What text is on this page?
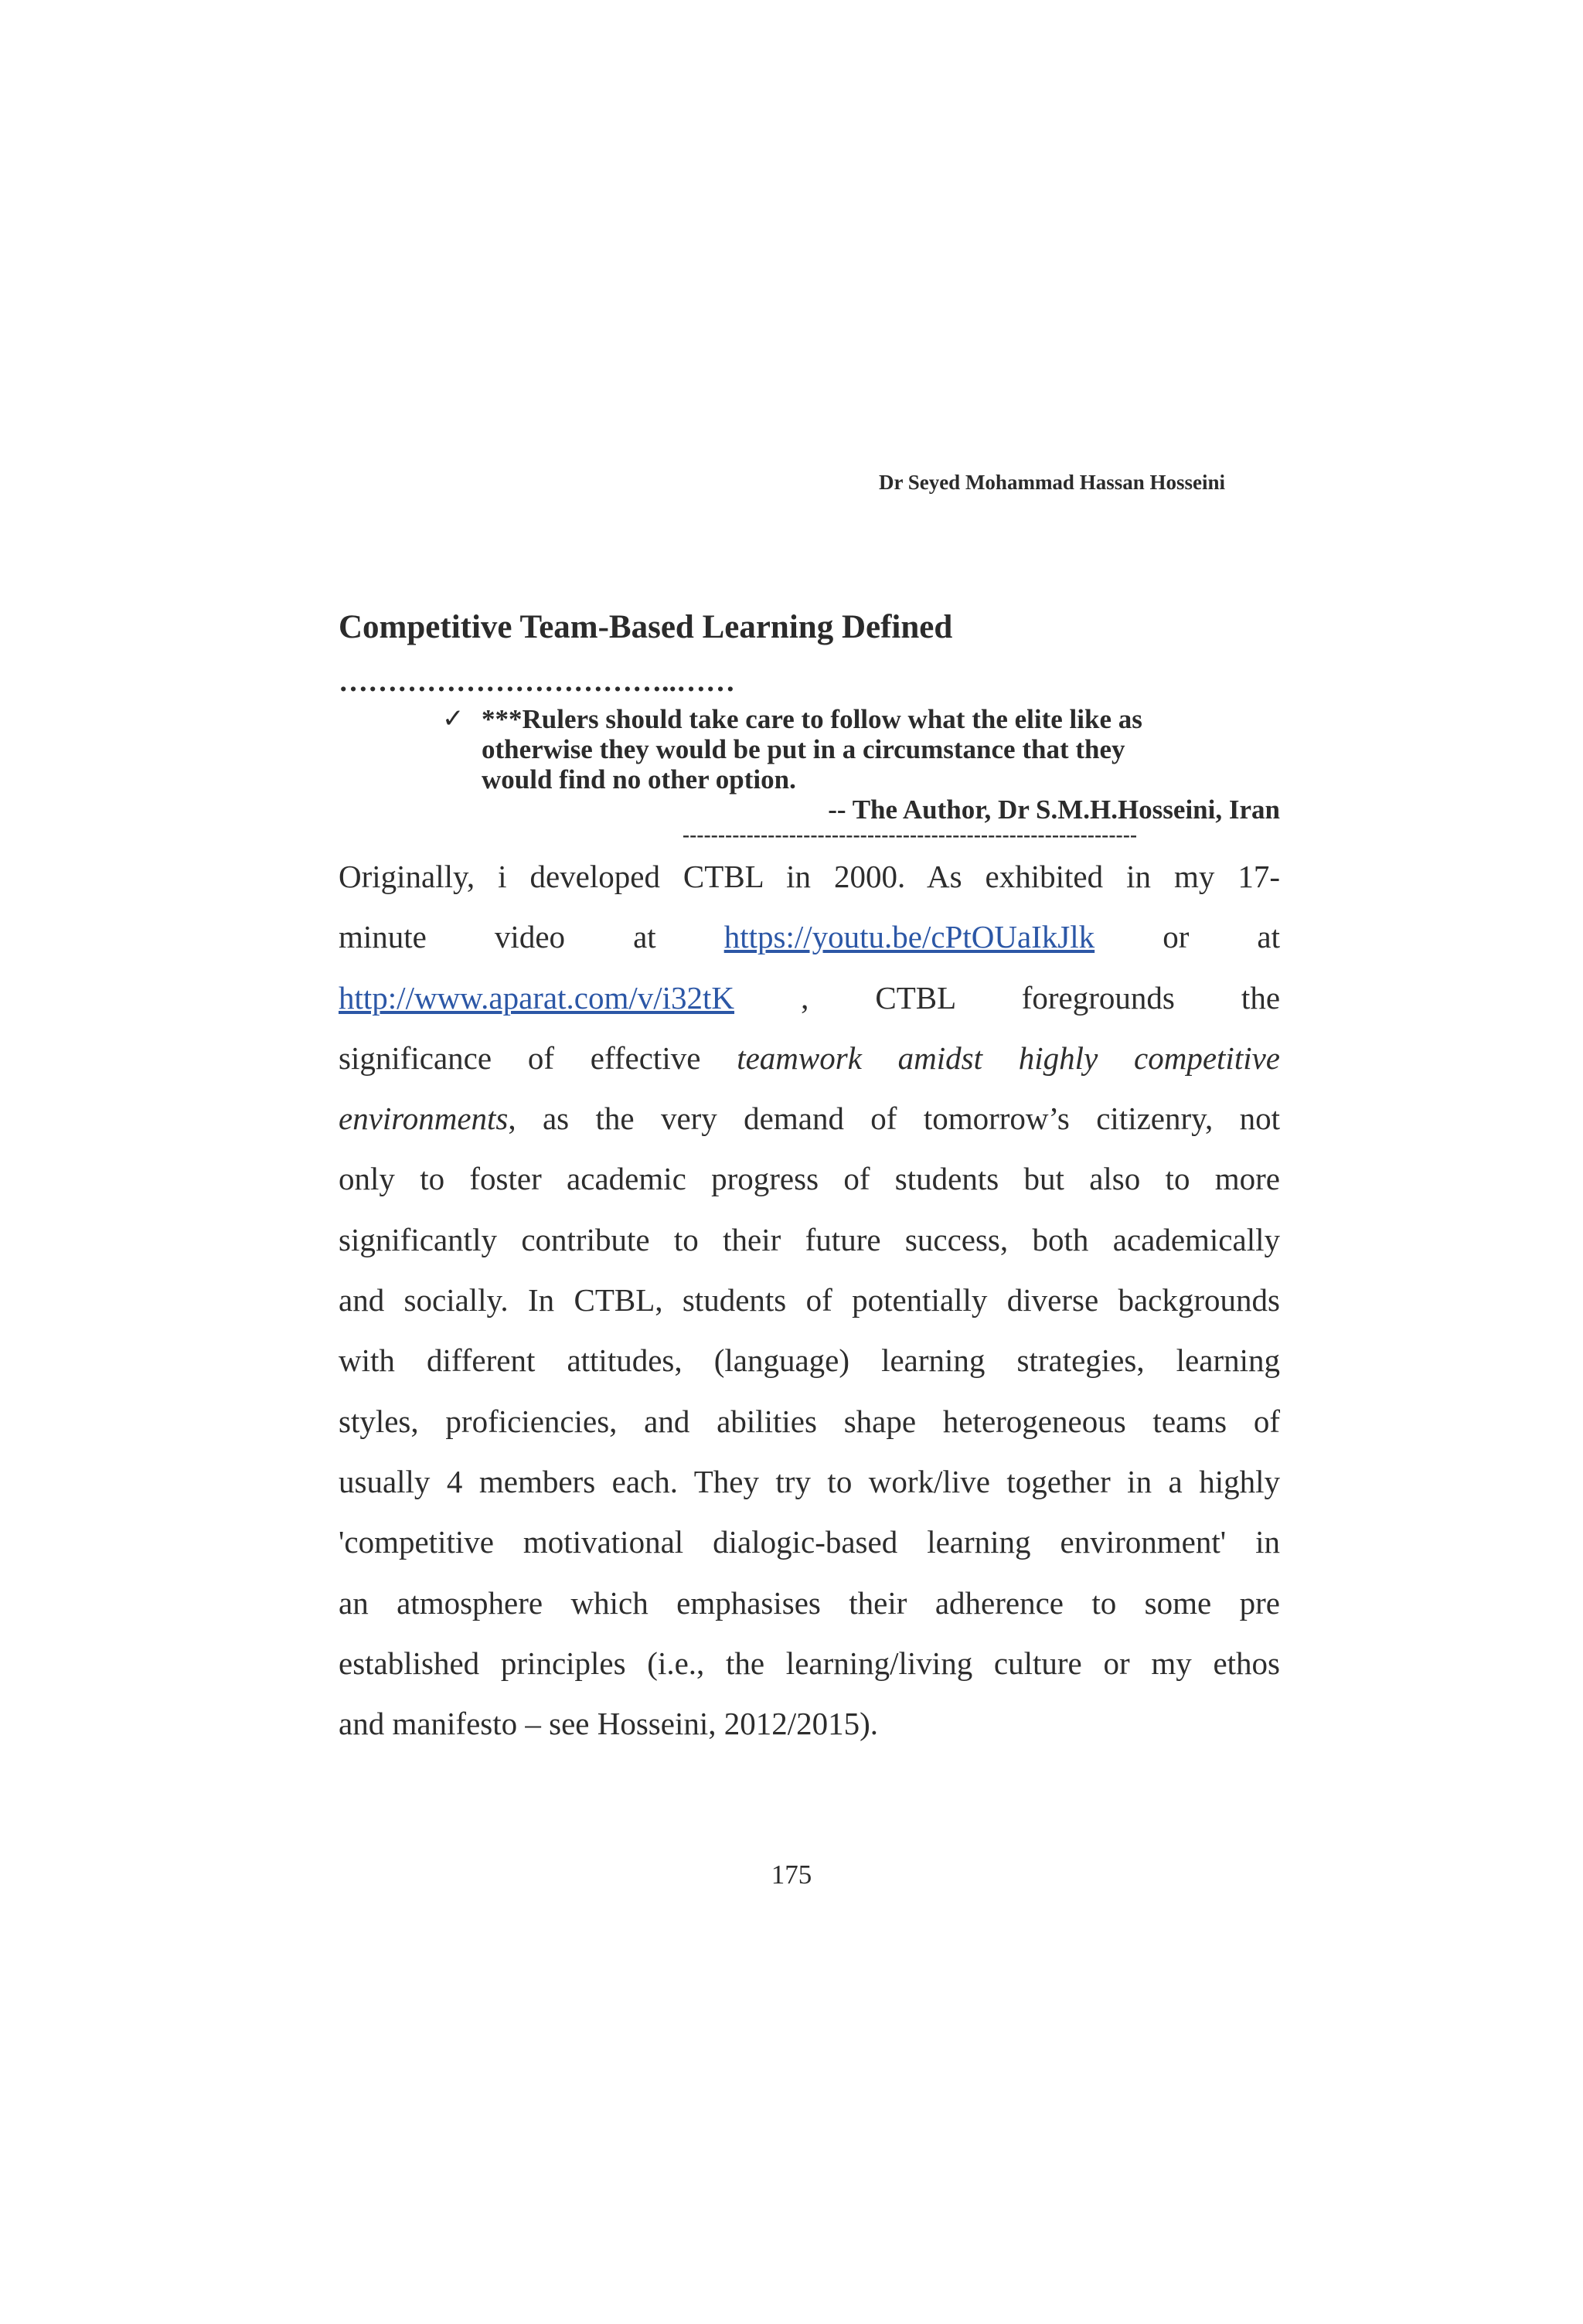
Dr Seyed Mohammad Hassan Hosseini
Competitive Team-Based Learning Defined
……………………………..……
✓ ***Rulers should take care to follow what the elite like as
otherwise they would be put in a circumstance that they
would find no other option.
-- The Author, Dr S.M.H.Hosseini, Iran
----------------------------------------------------------------
Originally, i developed CTBL in 2000. As exhibited in my 17-
minute video at https://youtu.be/cPtOUaIkJlk or at
http://www.aparat.com/v/i32tK , CTBL foregrounds the
significance of effective teamwork amidst highly competitive
environments, as the very demand of tomorrow’s citizenry, not
only to foster academic progress of students but also to more
significantly contribute to their future success, both academically
and socially. In CTBL, students of potentially diverse backgrounds
with different attitudes, (language) learning strategies, learning
styles, proficiencies, and abilities shape heterogeneous teams of
usually 4 members each. They try to work/live together in a highly
'competitive motivational dialogic-based learning environment' in
an atmosphere which emphasises their adherence to some pre
established principles (i.e., the learning/living culture or my ethos
and manifesto – see Hosseini, 2012/2015).
175
